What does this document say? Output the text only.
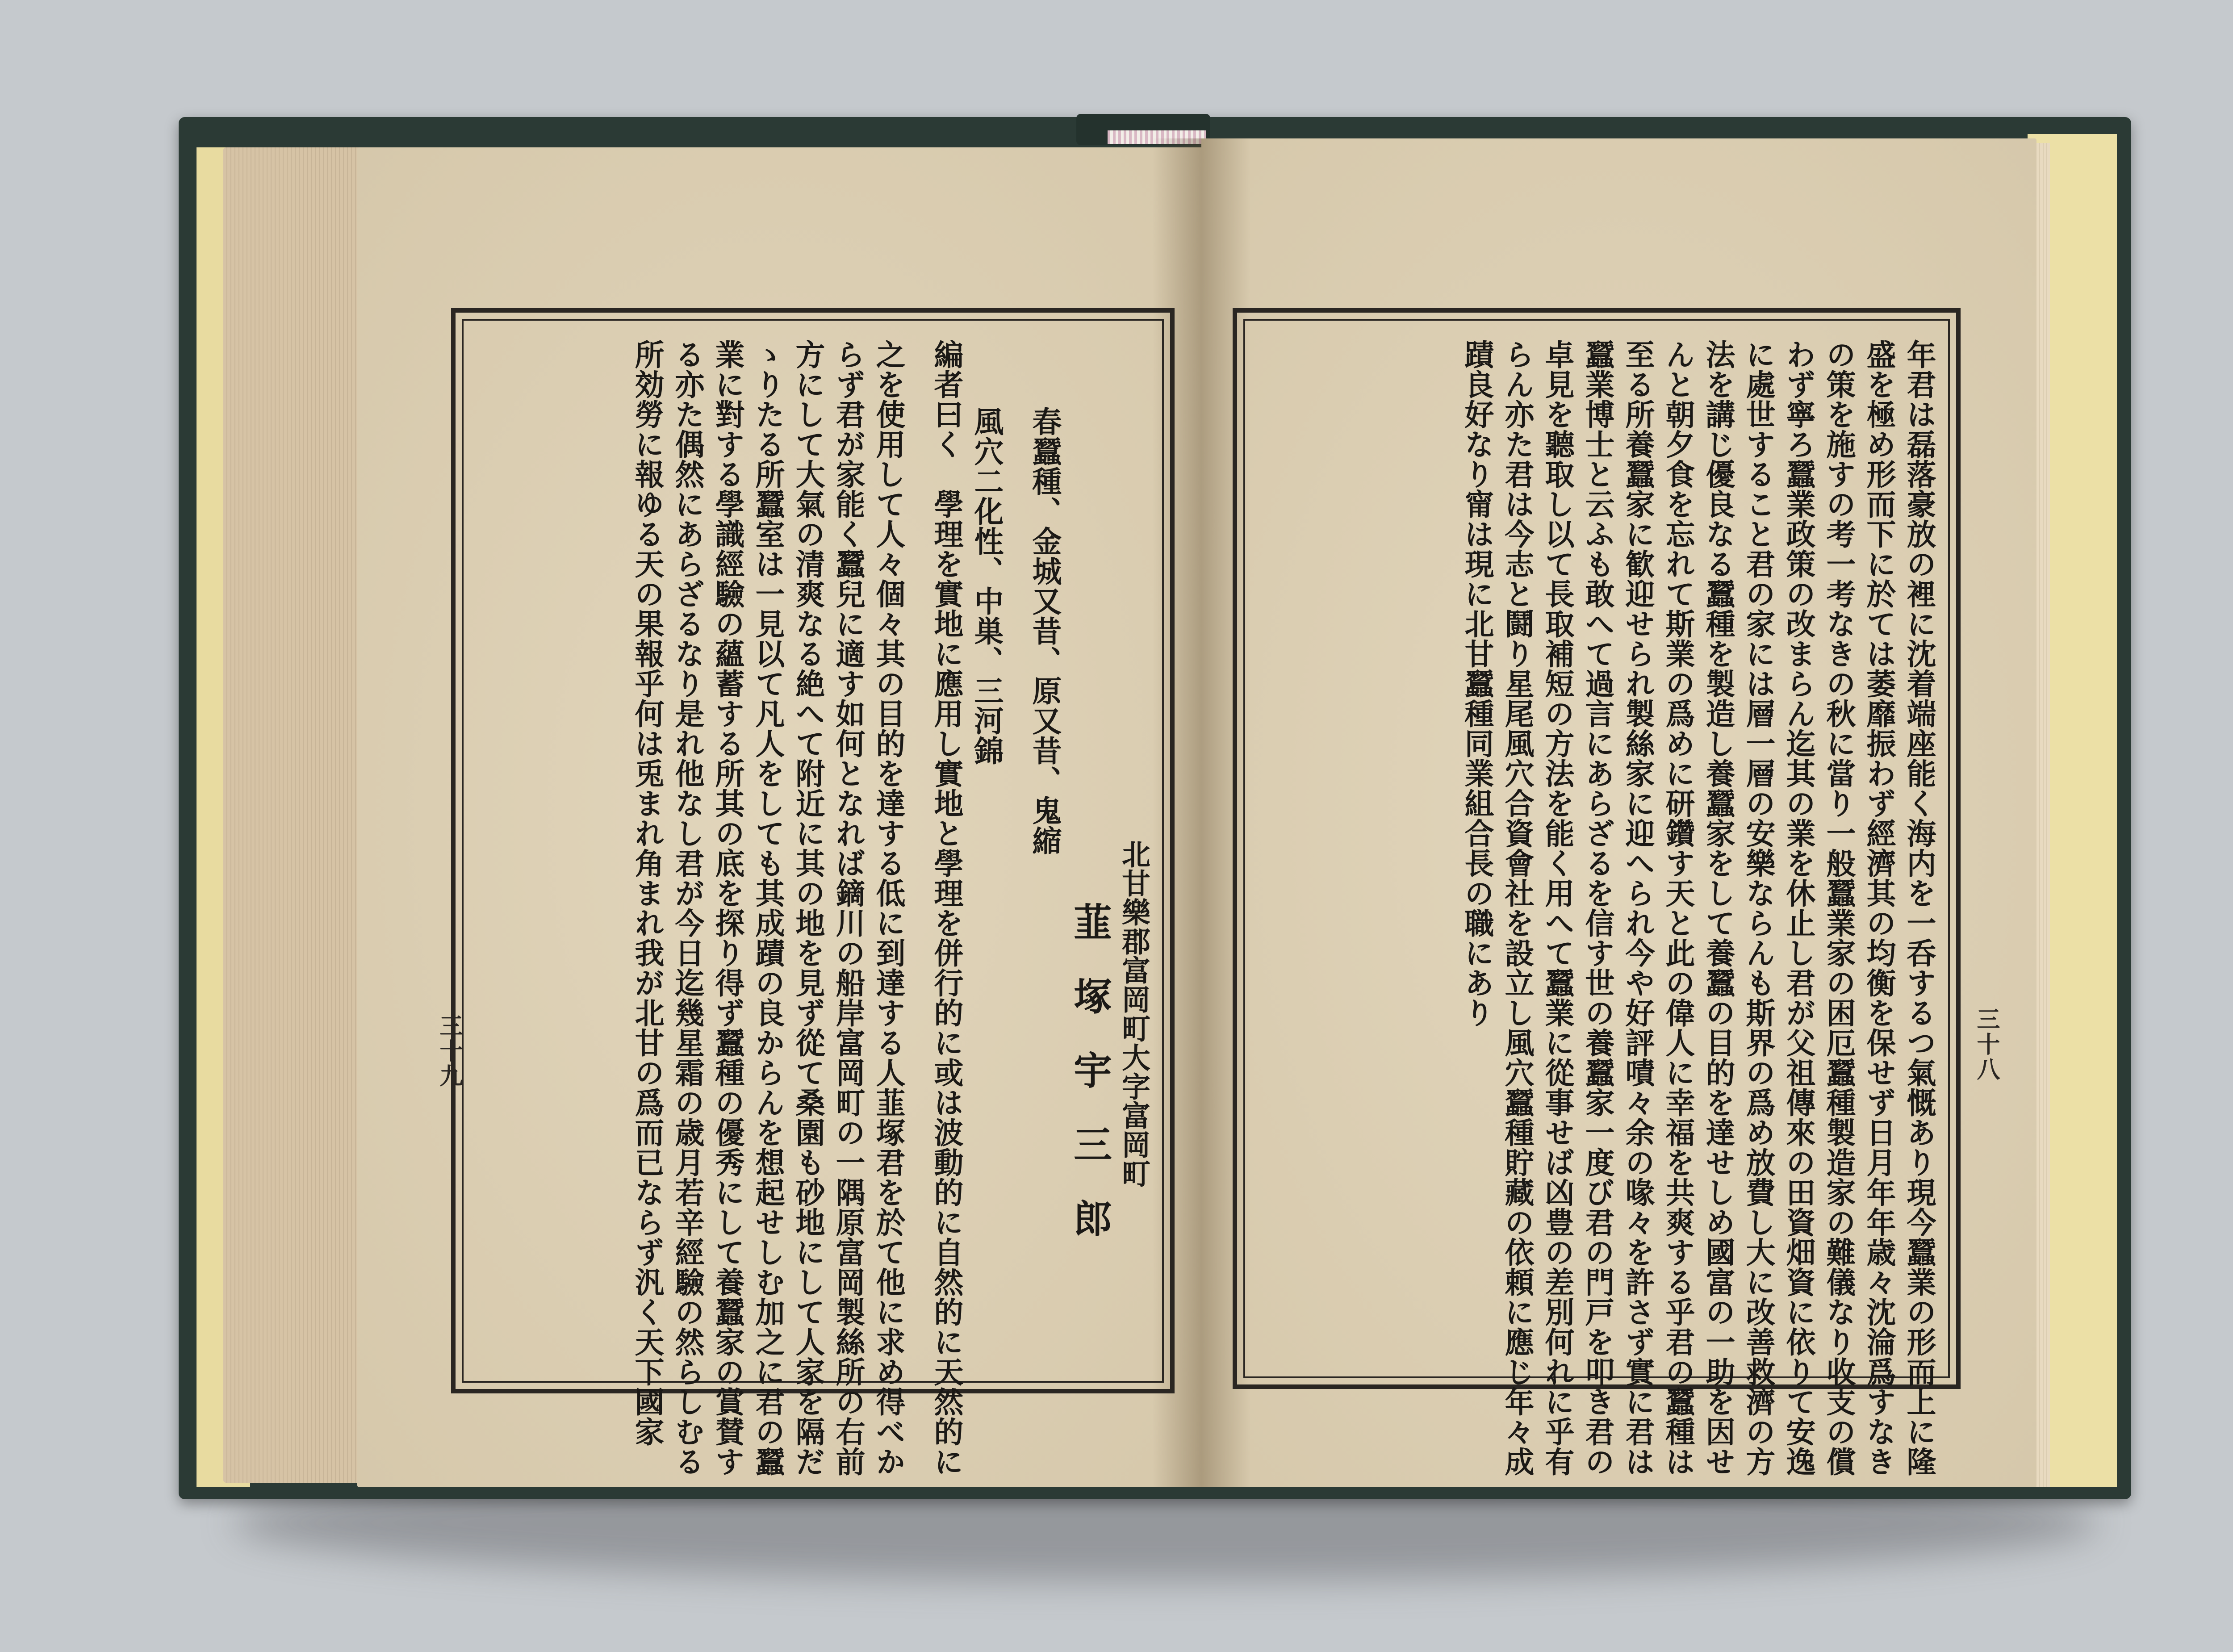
北甘樂郡富岡町大字富岡町
韮塚宇三郎
春蠶種、金城又昔、原又昔、鬼縮
風穴二化性、中巣、三河錦
編者曰く　學理を實地に應用し實地と學理を併行的に或は波動的に自然的に天然的に
之を使用して人々個々其の目的を達する低に到達する人韮塚君を於て他に求め得べか
らず君が家能く蠶兒に適す如何となれば鏑川の船岸富岡町の一隅原富岡製絲所の右前
方にして大氣の清爽なる絶へて附近に其の地を見ず從て桑園も砂地にして人家を隔だ
ゝりたる所蠶室は一見以て凡人をしても其成蹟の良からんを想起せしむ加之に君の蠶
業に對する學識經驗の蘊蓄する所其の底を探り得ず蠶種の優秀にして養蠶家の賞賛す
る亦た偶然にあらざるなり是れ他なし君が今日迄幾星霜の歳月若辛經驗の然らしむる
所効勞に報ゆる天の果報乎何は兎まれ角まれ我が北甘の爲而已ならず汎く天下國家
三十九	年君は磊落豪放の裡に沈着端座能く海内を一呑するつ氣慨あり現今蠶業の形而上に隆
盛を極め形而下に於ては萎靡振わず經濟其の均衡を保せず日月年年歳々沈淪爲すなき
の策を施すの考一考なきの秋に當り一般蠶業家の困厄蠶種製造家の難儀なり收支の償
わず寧ろ蠶業政策の改まらん迄其の業を休止し君が父祖傳來の田資畑資に依りて安逸
に處世すること君の家には層一層の安樂ならんも斯界の爲め放費し大に改善救濟の方
法を講じ優良なる蠶種を製造し養蠶家をして養蠶の目的を達せしめ國富の一助を因せ
んと朝夕食を忘れて斯業の爲めに研鑽す天と此の偉人に幸福を共爽する乎君の蠶種は
至る所養蠶家に歓迎せられ製絲家に迎へられ今や好評嘖々余の喙々を許さず實に君は
蠶業博士と云ふも敢へて過言にあらざるを信す世の養蠶家一度び君の門戸を叩き君の
卓見を聽取し以て長取補短の方法を能く用へて蠶業に從事せば凶豊の差別何れに乎有
らん亦た君は今志と鬪り星尾風穴合資會社を設立し風穴蠶種貯藏の依頼に應じ年々成
蹟良好なり甯は現に北甘蠶種同業組合長の職にあり
三十八
